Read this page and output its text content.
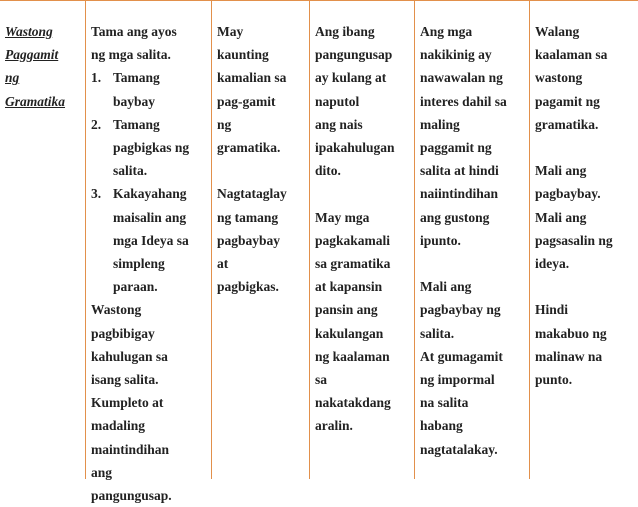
Wastong

Paggamit

ng

Gramatika

Tama ang ayos

ng mga salita.

1. Tamang

baybay

2. Tamang

pagbigkas ng

salita.

3. Kakayahang

maisalin ang

mga Ideya sa

simpleng

paraan.

Wastong

pagbibigay

kahulugan sa

isang salita.

Kumpleto at

madaling

maintindihan

ang

pangungusap.

May

kaunting

kamalian sa

pag-gamit

ng

gramatika.

Nagtataglay

ng tamang

pagbaybay

at

pagbigkas.

Ang ibang

pangungusap

ay kulang at

naputol

ang nais

ipakahulugan

dito.

May mga

pagkakamali

sa gramatika

at kapansin

pansin ang

kakulangan

ng kaalaman

sa

nakatakdang

aralin.

Ang mga

nakikinig ay

nawawalan ng

interes dahil sa

maling

paggamit ng

salita at hindi

naiintindihan

ang gustong

ipunto.

Mali ang

pagbaybay ng

salita.

At gumagamit

ng impormal

na salita

habang

nagtatalakay.

Walang

kaalaman sa

wastong

pagamit ng

gramatika.

Mali ang

pagbaybay.

Mali ang

pagsasalin ng

ideya.

Hindi

makabuo ng

malinaw na

punto.
